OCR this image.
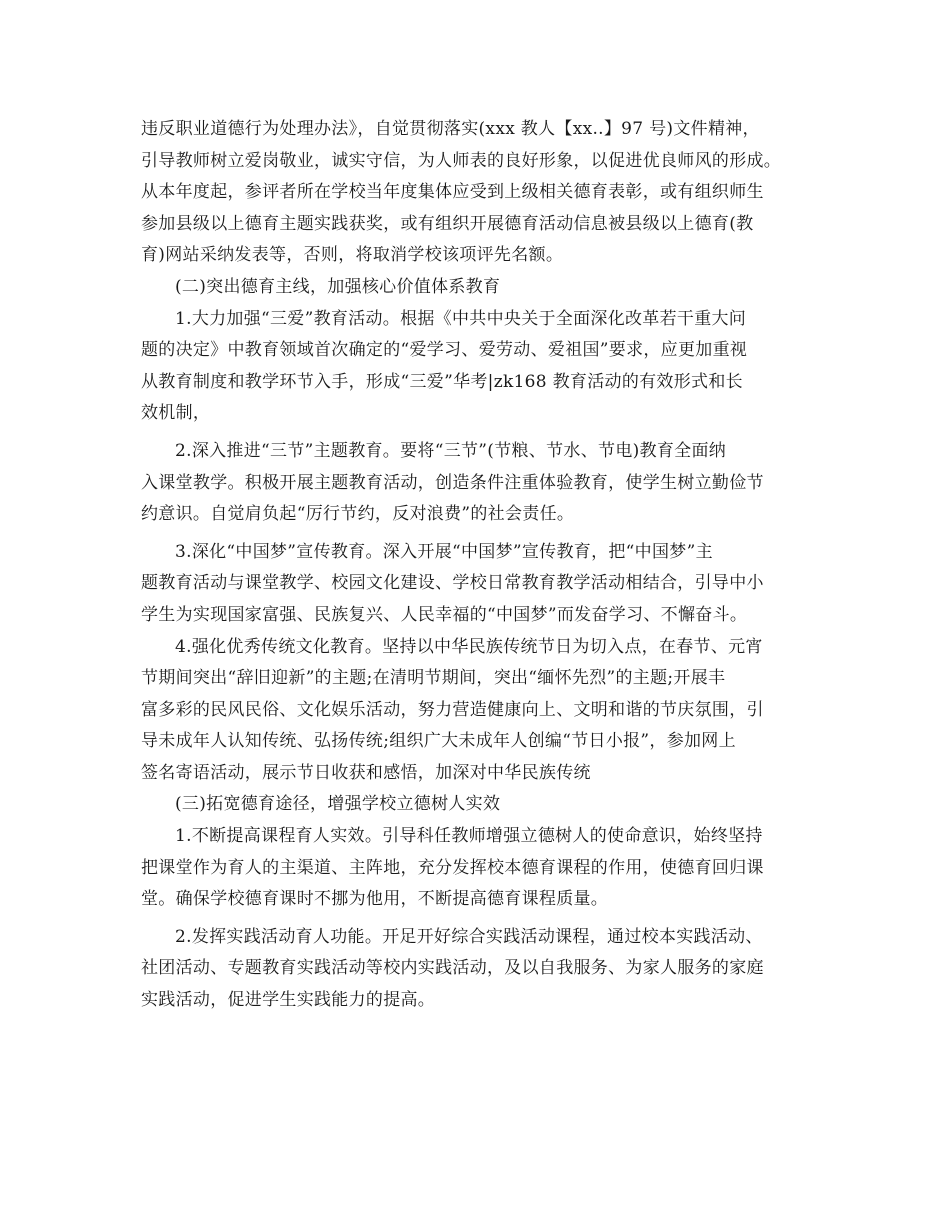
违反职业道德行为处理办法》，自觉贯彻落实(xxx 教人【xx..】97 号)文件精神，
引导教师树立爱岗敬业，诚实守信，为人师表的良好形象，以促进优良师风的形成。
从本年度起，参评者所在学校当年度集体应受到上级相关德育表彰，或有组织师生
参加县级以上德育主题实践获奖，或有组织开展德育活动信息被县级以上德育(教
育)网站采纳发表等，否则，将取消学校该项评先名额。
(二)突出德育主线，加强核心价值体系教育
1.大力加强“三爱”教育活动。根据《中共中央关于全面深化改革若干重大问
题的决定》中教育领域首次确定的“爱学习、爱劳动、爱祖国”要求，应更加重视
从教育制度和教学环节入手，形成“三爱”华考|zk168 教育活动的有效形式和长
效机制，
2.深入推进“三节”主题教育。要将“三节”(节粮、节水、节电)教育全面纳
入课堂教学。积极开展主题教育活动，创造条件注重体验教育，使学生树立勤俭节
约意识。自觉肩负起“厉行节约，反对浪费”的社会责任。
3.深化“中国梦”宣传教育。深入开展“中国梦”宣传教育，把“中国梦”主
题教育活动与课堂教学、校园文化建设、学校日常教育教学活动相结合，引导中小
学生为实现国家富强、民族复兴、人民幸福的“中国梦”而发奋学习、不懈奋斗。
4.强化优秀传统文化教育。坚持以中华民族传统节日为切入点，在春节、元宵
节期间突出“辞旧迎新”的主题;在清明节期间，突出“缅怀先烈”的主题;开展丰
富多彩的民风民俗、文化娱乐活动，努力营造健康向上、文明和谐的节庆氛围，引
导未成年人认知传统、弘扬传统;组织广大未成年人创编“节日小报”，参加网上
签名寄语活动，展示节日收获和感悟，加深对中华民族传统
(三)拓宽德育途径，增强学校立德树人实效
1.不断提高课程育人实效。引导科任教师增强立德树人的使命意识，始终坚持
把课堂作为育人的主渠道、主阵地，充分发挥校本德育课程的作用，使德育回归课
堂。确保学校德育课时不挪为他用，不断提高德育课程质量。
2.发挥实践活动育人功能。开足开好综合实践活动课程，通过校本实践活动、
社团活动、专题教育实践活动等校内实践活动，及以自我服务、为家人服务的家庭
实践活动，促进学生实践能力的提高。
